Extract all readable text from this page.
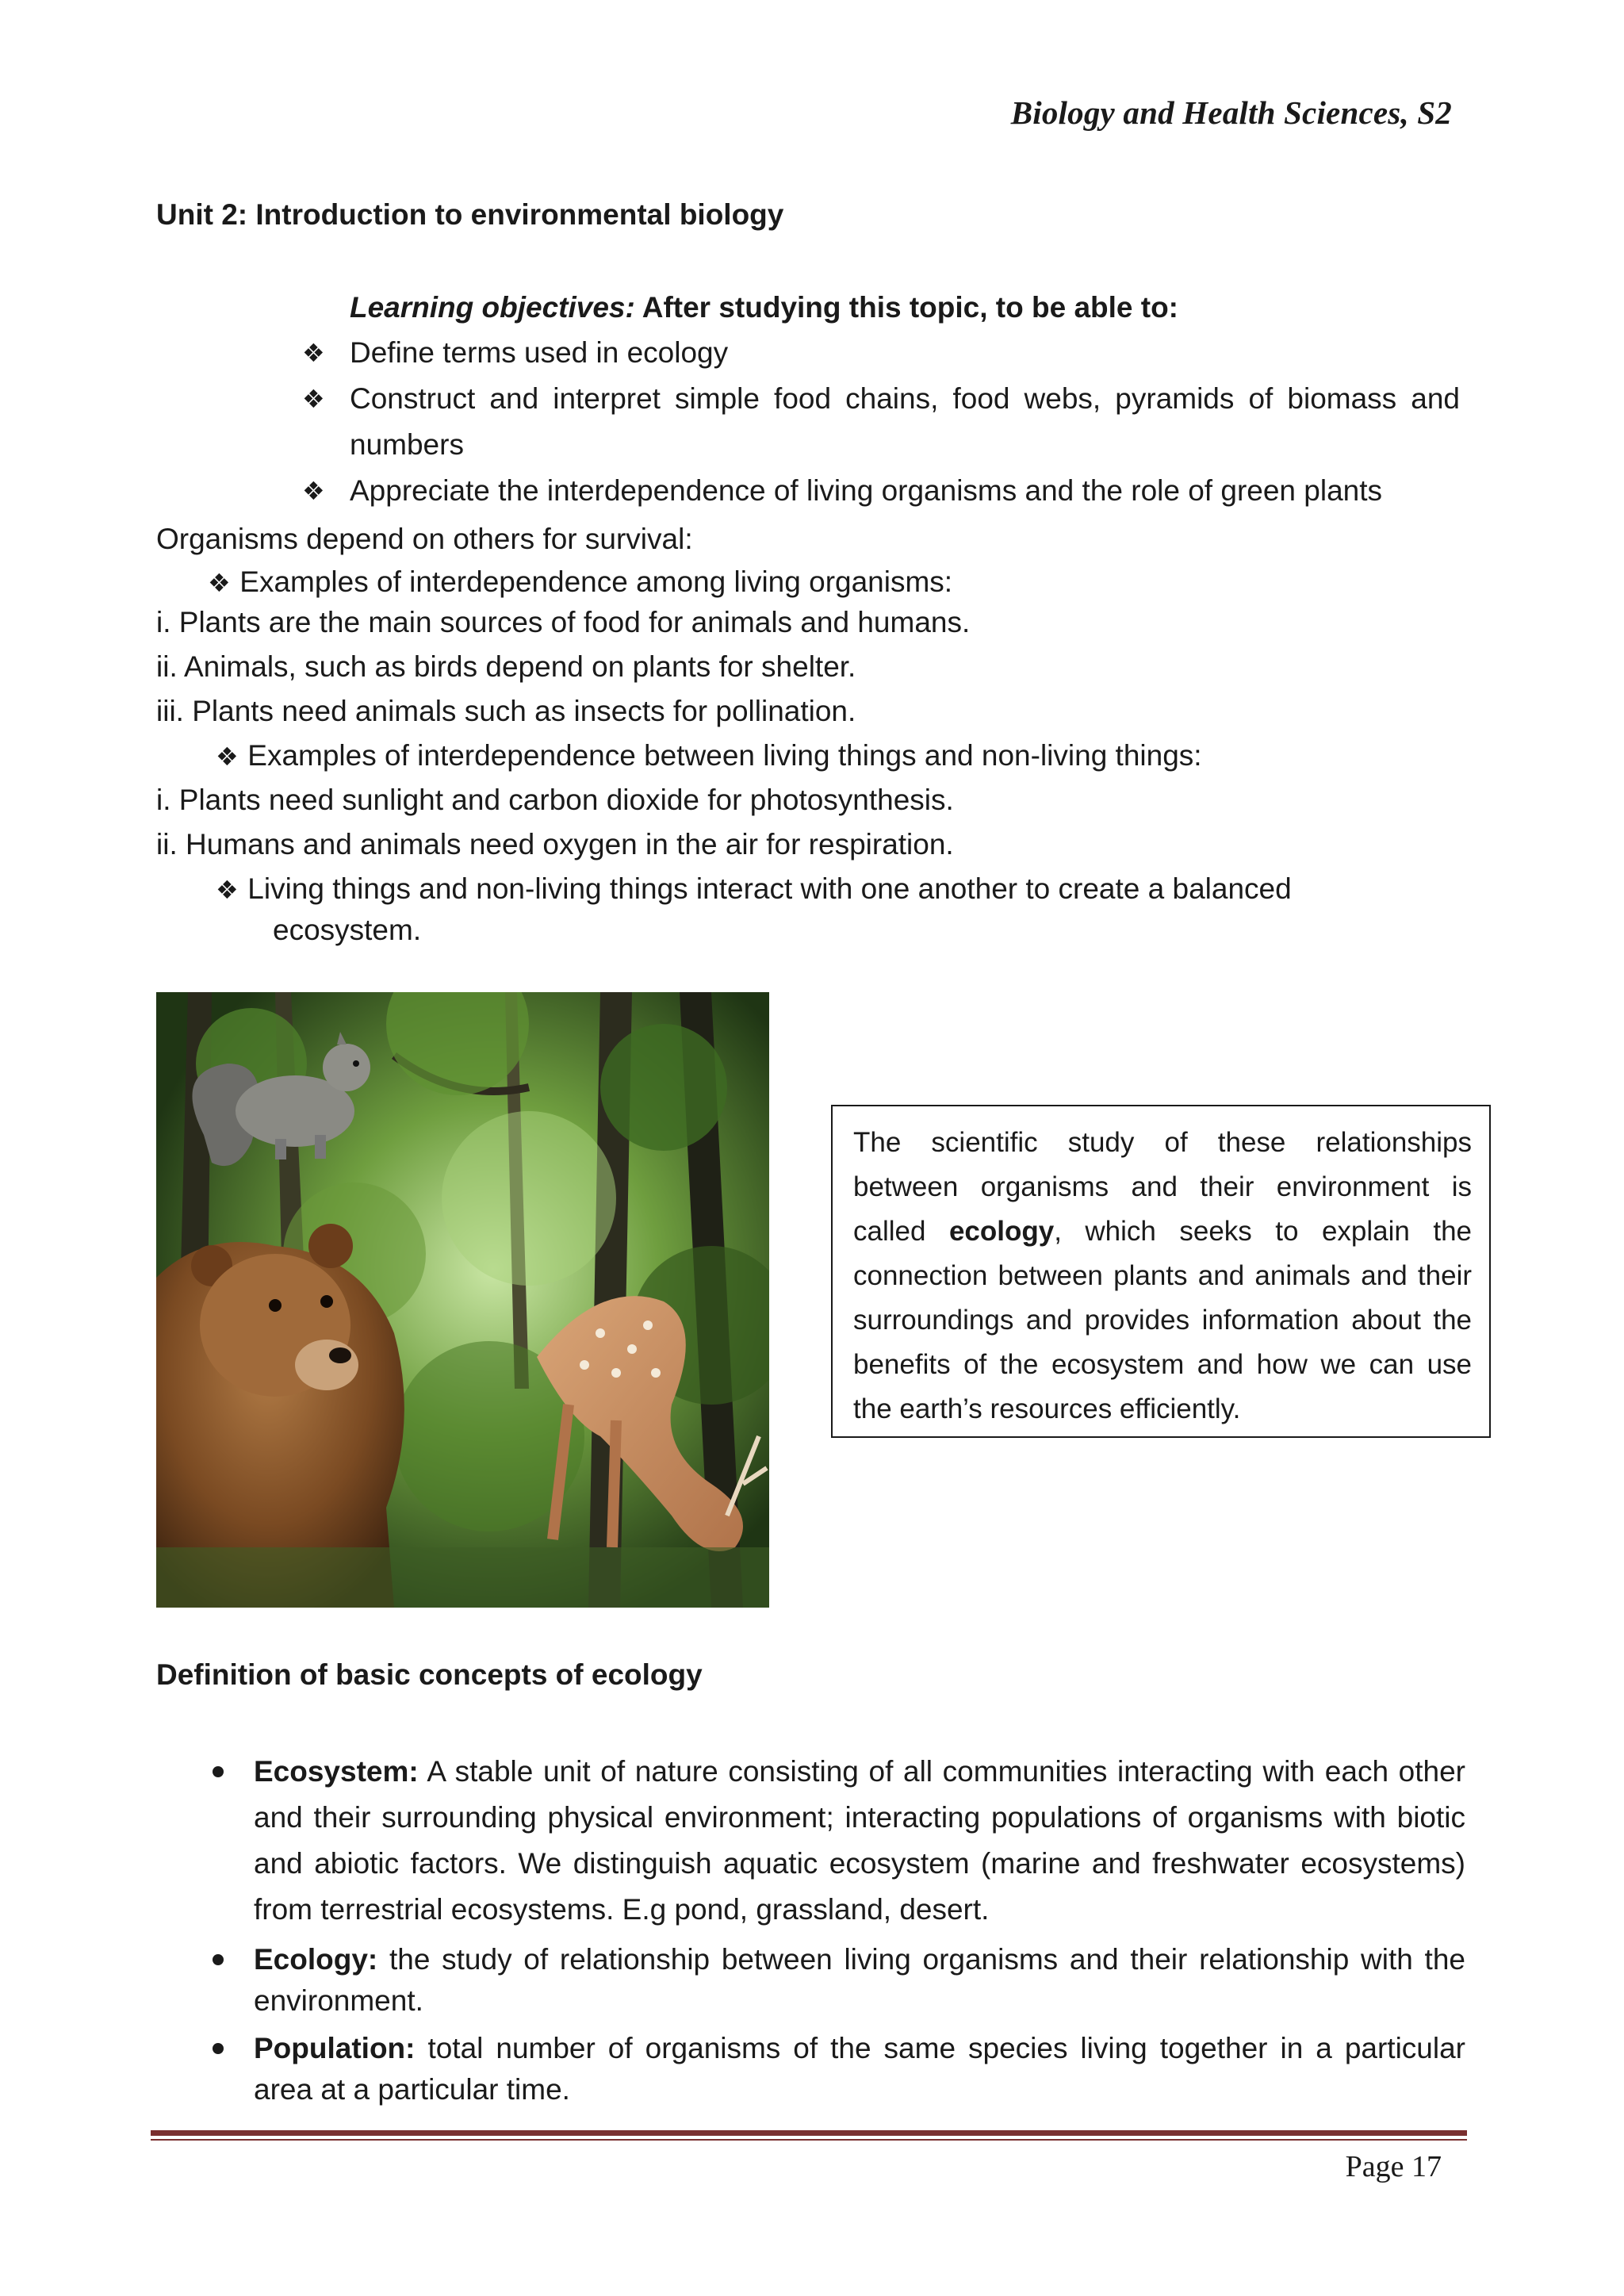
Biology and Health Sciences, S2
Unit 2: Introduction to environmental biology
Learning objectives: After studying this topic, to be able to:
❖ Define terms used in ecology
❖ Construct and interpret simple food chains, food webs, pyramids of biomass and numbers
❖ Appreciate the interdependence of living organisms and the role of green plants
Organisms depend on others for survival:
❖ Examples of interdependence among living organisms:
i. Plants are the main sources of food for animals and humans.
ii. Animals, such as birds depend on plants for shelter.
iii. Plants need animals such as insects for pollination.
❖ Examples of interdependence between living things and non-living things:
i. Plants need sunlight and carbon dioxide for photosynthesis.
ii. Humans and animals need oxygen in the air for respiration.
❖ Living things and non-living things interact with one another to create a balanced
ecosystem.
The scientific study of these relationships between organisms and their environment is called ecology, which seeks to explain the connection between plants and animals and their surroundings and provides information about the benefits of the ecosystem and how we can use the earth’s resources efficiently.
Definition of basic concepts of ecology
Ecosystem: A stable unit of nature consisting of all communities interacting with each other and their surrounding physical environment; interacting populations of organisms with biotic and abiotic factors. We distinguish aquatic ecosystem (marine and freshwater ecosystems) from terrestrial ecosystems. E.g pond, grassland, desert.
Ecology: the study of relationship between living organisms and their relationship with the environment.
Population: total number of organisms of the same species living together in a particular area at a particular time.
Page 17
